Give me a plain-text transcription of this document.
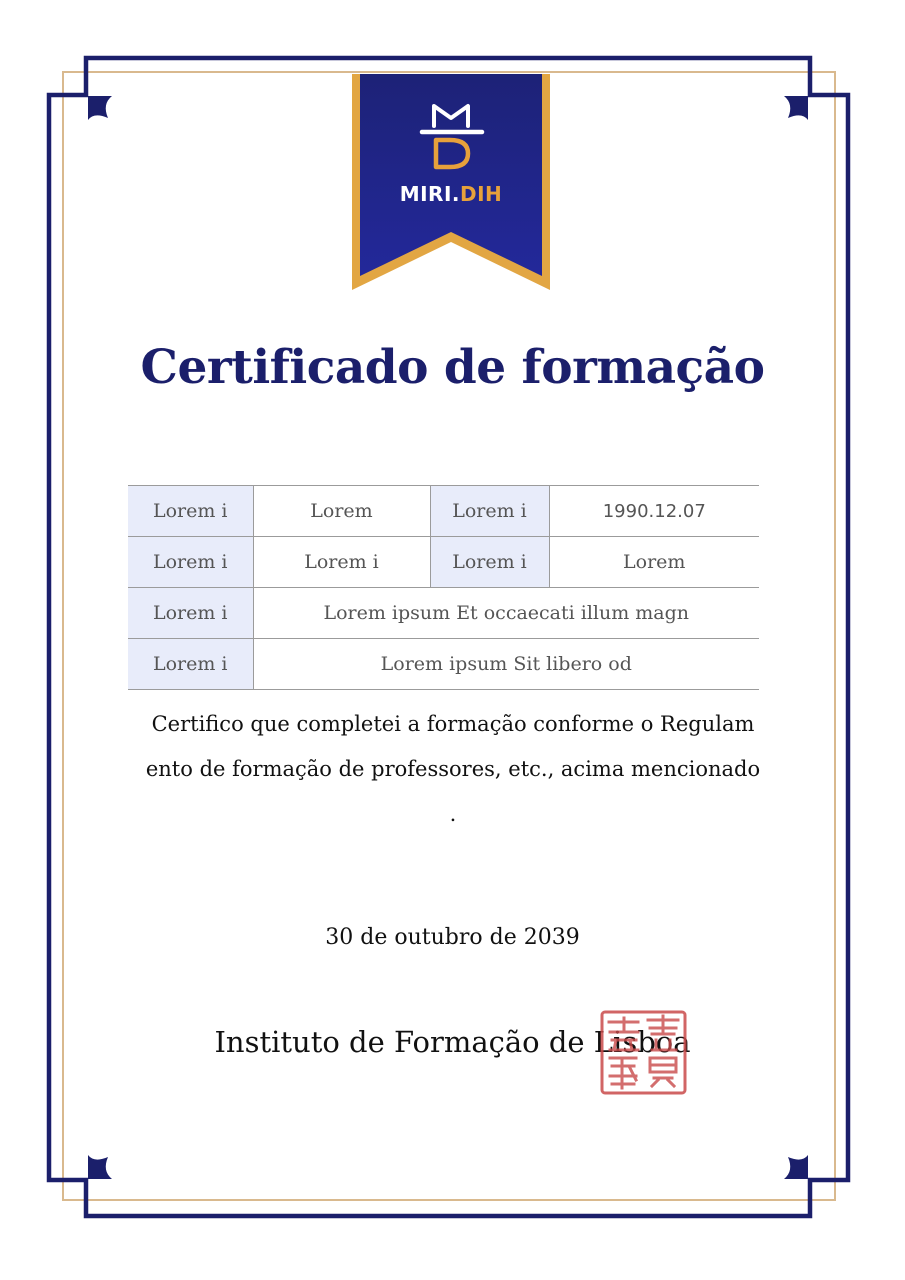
MIRI.DIH
Certificado de formação
Lorem i	Lorem	Lorem i	1990.12.07
Lorem i	Lorem i	Lorem i	Lorem
Lorem i	Lorem ipsum Et occaecati illum magn		
Lorem i	Lorem ipsum Sit libero od		
Certifico que completei a formação conforme o Regulam
ento de formação de professores, etc., acima mencionado
.
30 de outubro de 2039
Instituto de Formação de Lisboa
